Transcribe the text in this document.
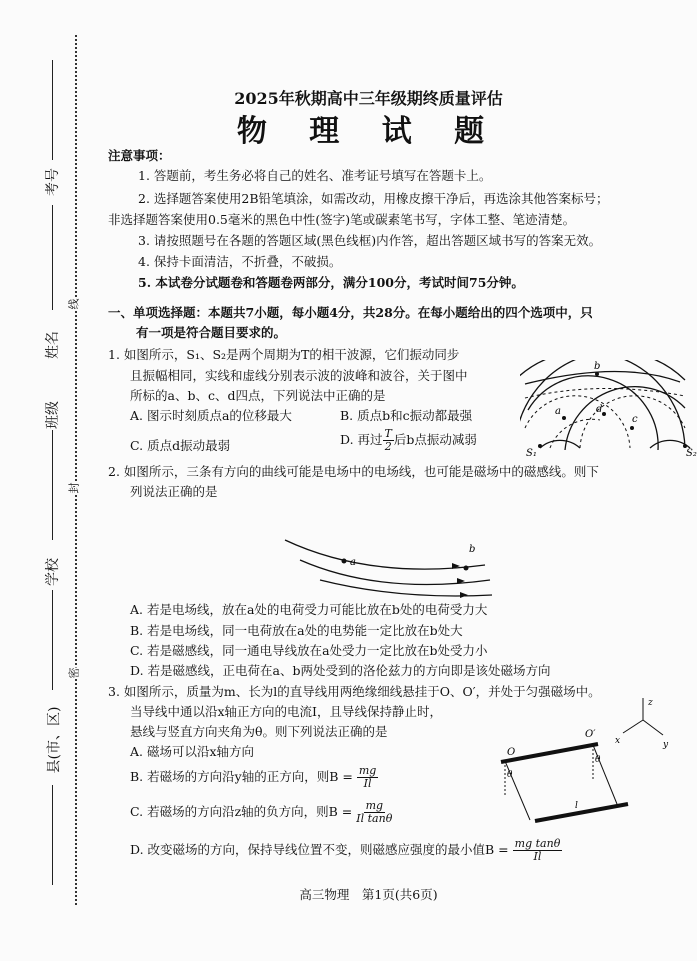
考号
姓名
班级
学校
县(市、区)
线
封
密
2025年秋期高中三年级期终质量评估
物 理 试 题
注意事项：
1. 答题前，考生务必将自己的姓名、准考证号填写在答题卡上。
2. 选择题答案使用2B铅笔填涂，如需改动，用橡皮擦干净后，再选涂其他答案标号；
非选择题答案使用0.5毫米的黑色中性(签字)笔或碳素笔书写，字体工整、笔迹清楚。
3. 请按照题号在各题的答题区域(黑色线框)内作答，超出答题区域书写的答案无效。
4. 保持卡面清洁，不折叠，不破损。
5. 本试卷分试题卷和答题卷两部分，满分100分，考试时间75分钟。
一、单项选择题：本题共7小题，每小题4分，共28分。在每小题给出的四个选项中，只
有一项是符合题目要求的。
1. 如图所示，S₁、S₂是两个周期为T的相干波源，它们振动同步
且振幅相同，实线和虚线分别表示波的波峰和波谷，关于图中
所标的a、b、c、d四点，下列说法中正确的是
A. 图示时刻质点a的位移最大	B. 质点b和c振动都最强
C. 质点d振动最弱	D. 再过 $\frac{T}{2}$ 后b点振动减弱
b
a	d
c
S₁	S₂
2. 如图所示，三条有方向的曲线可能是电场中的电场线，也可能是磁场中的磁感线。则下
列说法正确的是
a
b
A. 若是电场线，放在a处的电荷受力可能比放在b处的电荷受力大
B. 若是电场线，同一电荷放在a处的电势能一定比放在b处大
C. 若是磁感线，同一通电导线放在a处受力一定比放在b处受力小
D. 若是磁感线，正电荷在a、b两处受到的洛伦兹力的方向即是该处磁场方向
3. 如图所示，质量为m、长为l的直导线用两绝缘细线悬挂于O、O′，并处于匀强磁场中。
当导线中通以沿x轴正方向的电流I，且导线保持静止时，
悬线与竖直方向夹角为θ。则下列说法正确的是
A. 磁场可以沿x轴方向
B. 若磁场的方向沿y轴的正方向，则$B = \frac{mg}{Il}$
C. 若磁场的方向沿z轴的负方向，则$B = \frac{mg}{\text{Il tanθ}}$
D. 改变磁场的方向，保持导线位置不变，则磁感应强度的最小值$B = \frac{\text{mg tanθ}}{Il}$
O
O′
θ
θ
l
x	y
z
高三物理　第1页(共6页)
